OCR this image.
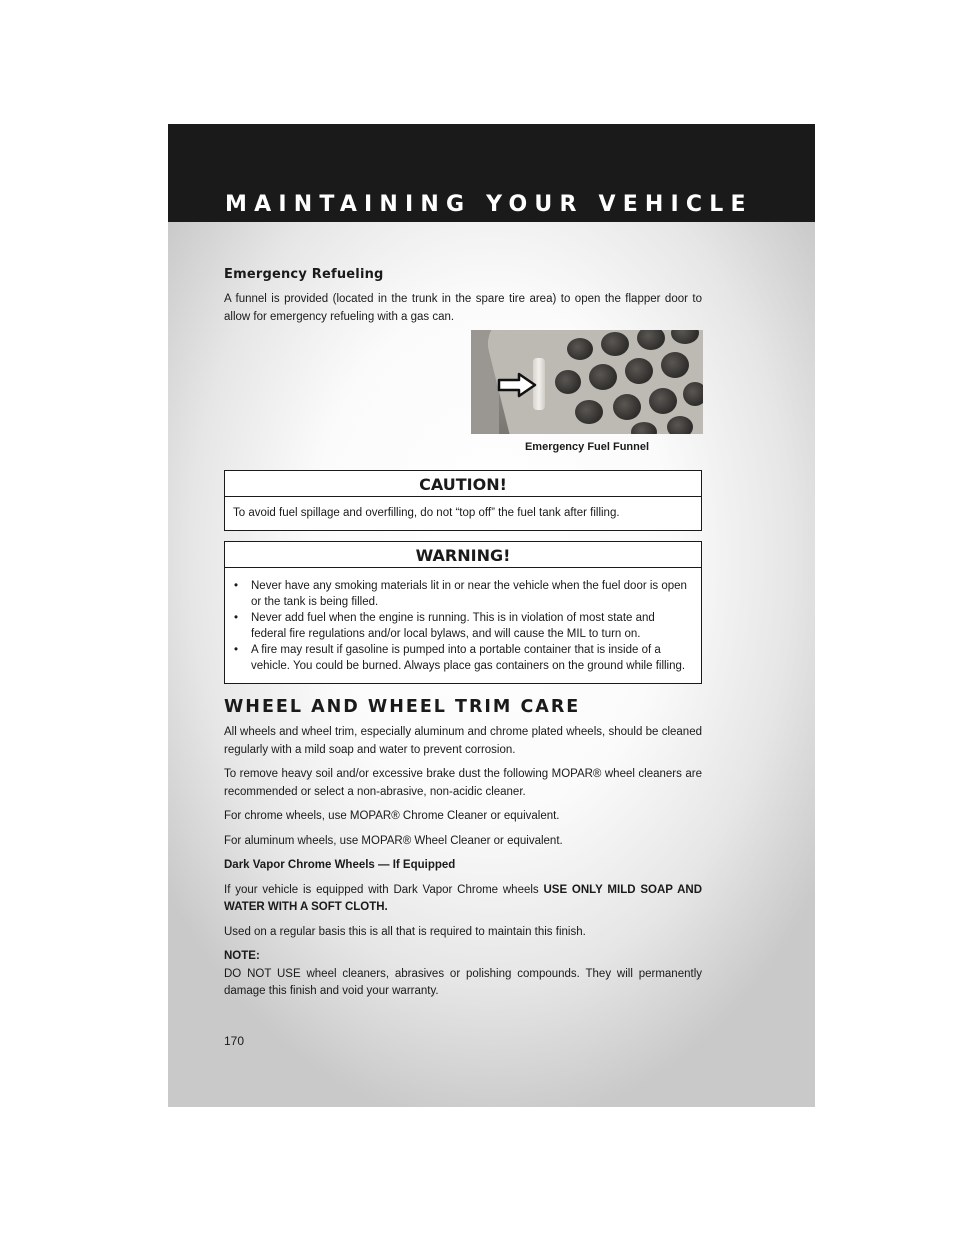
MAINTAINING YOUR VEHICLE
Emergency Refueling

A funnel is provided (located in the trunk in the spare tire area) to open the flapper door to allow for emergency refueling with a gas can.

Emergency Fuel Funnel
CAUTION!
To avoid fuel spillage and overfilling, do not “top off” the fuel tank after filling.
WARNING!
• Never have any smoking materials lit in or near the vehicle when the fuel door is open or the tank is being filled.
• Never add fuel when the engine is running. This is in violation of most state and federal fire regulations and/or local bylaws, and will cause the MIL to turn on.
• A fire may result if gasoline is pumped into a portable container that is inside of a vehicle. You could be burned. Always place gas containers on the ground while filling.
WHEEL AND WHEEL TRIM CARE

All wheels and wheel trim, especially aluminum and chrome plated wheels, should be cleaned regularly with a mild soap and water to prevent corrosion.

To remove heavy soil and/or excessive brake dust the following MOPAR® wheel cleaners are recommended or select a non-abrasive, non-acidic cleaner.

For chrome wheels, use MOPAR® Chrome Cleaner or equivalent.

For aluminum wheels, use MOPAR® Wheel Cleaner or equivalent.

Dark Vapor Chrome Wheels — If Equipped

If your vehicle is equipped with Dark Vapor Chrome wheels USE ONLY MILD SOAP AND WATER WITH A SOFT CLOTH.

Used on a regular basis this is all that is required to maintain this finish.

NOTE:

DO NOT USE wheel cleaners, abrasives or polishing compounds. They will permanently damage this finish and void your warranty.

170
